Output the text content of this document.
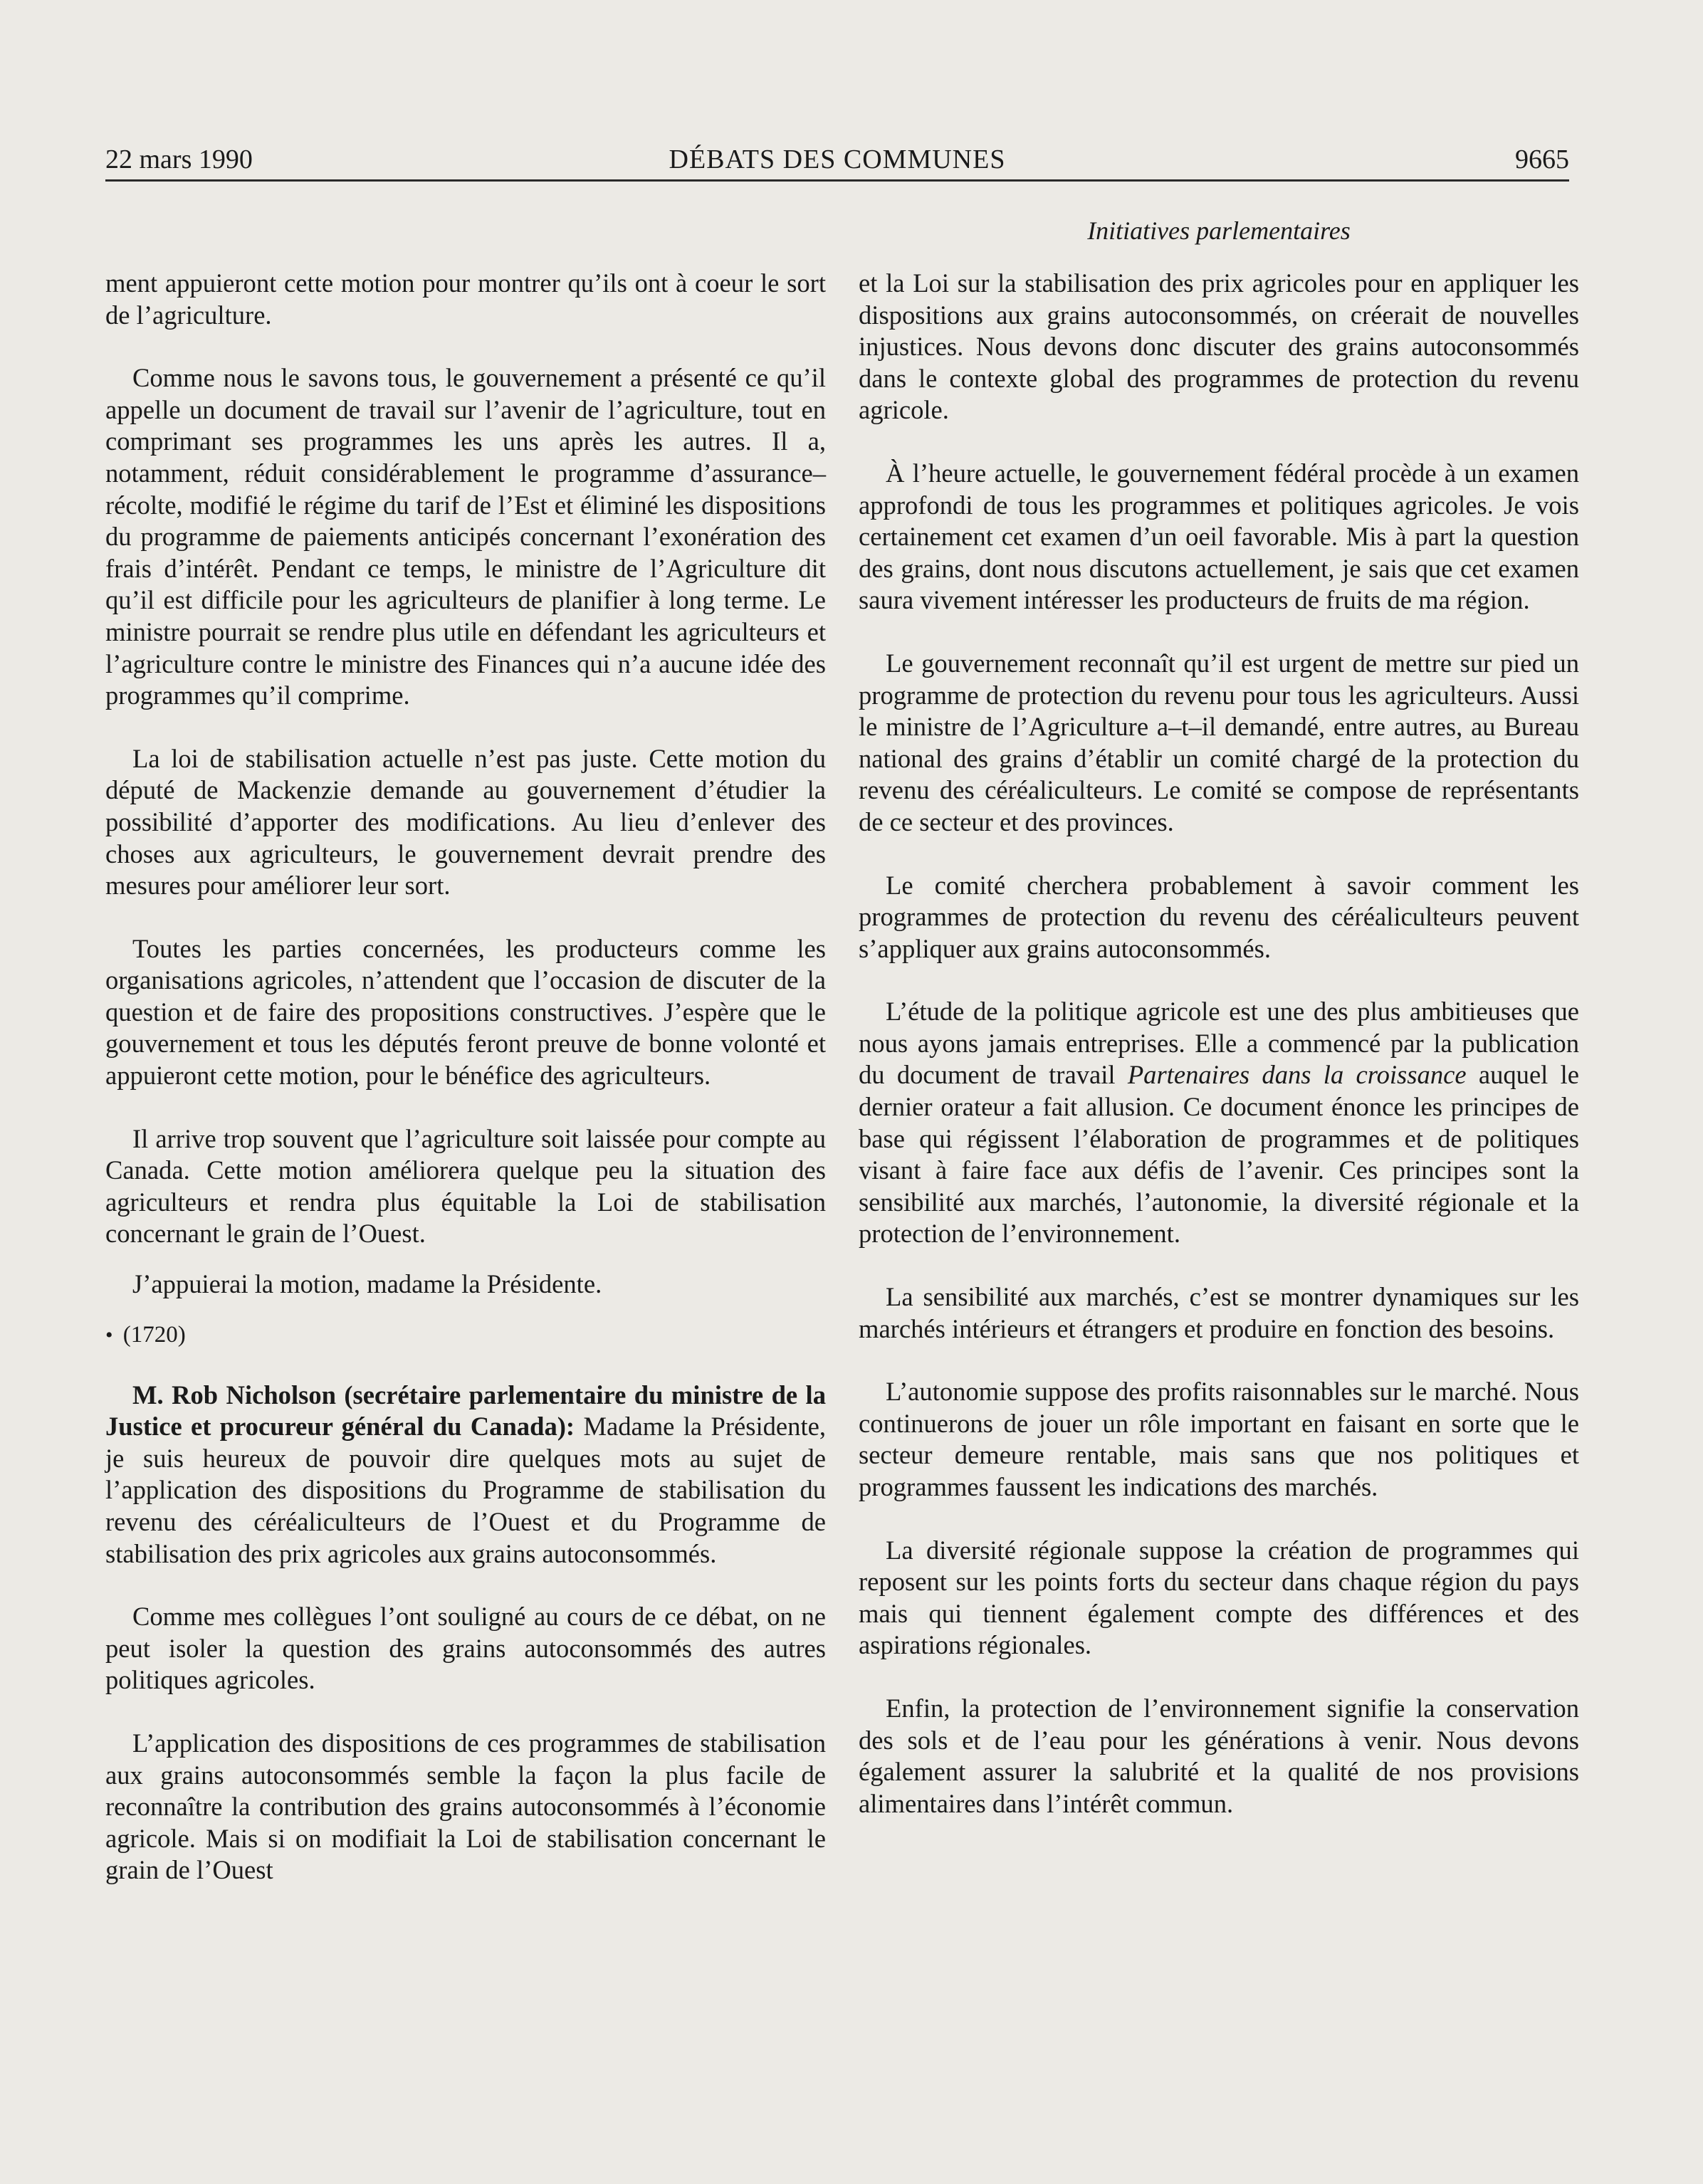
22 mars 1990	DÉBATS DES COMMUNES	9665
Initiatives parlementaires

ment appuieront cette motion pour montrer qu’ils ont à coeur le sort de l’agriculture.

Comme nous le savons tous, le gouvernement a présenté ce qu’il appelle un document de travail sur l’avenir de l’agriculture, tout en comprimant ses programmes les uns après les autres. Il a, notamment, réduit considérablement le programme d’assurance–récolte, modifié le régime du tarif de l’Est et éliminé les dispositions du programme de paiements anticipés concernant l’exonération des frais d’intérêt. Pendant ce temps, le ministre de l’Agriculture dit qu’il est difficile pour les agriculteurs de planifier à long terme. Le ministre pourrait se rendre plus utile en défendant les agriculteurs et l’agriculture contre le ministre des Finances qui n’a aucune idée des programmes qu’il comprime.

La loi de stabilisation actuelle n’est pas juste. Cette motion du député de Mackenzie demande au gouvernement d’étudier la possibilité d’apporter des modifications. Au lieu d’enlever des choses aux agriculteurs, le gouvernement devrait prendre des mesures pour améliorer leur sort.

Toutes les parties concernées, les producteurs comme les organisations agricoles, n’attendent que l’occasion de discuter de la question et de faire des propositions constructives. J’espère que le gouvernement et tous les députés feront preuve de bonne volonté et appuieront cette motion, pour le bénéfice des agriculteurs.

Il arrive trop souvent que l’agriculture soit laissée pour compte au Canada. Cette motion améliorera quelque peu la situation des agriculteurs et rendra plus équitable la Loi de stabilisation concernant le grain de l’Ouest.

J’appuierai la motion, madame la Présidente.

• (1720)

M. Rob Nicholson (secrétaire parlementaire du ministre de la Justice et procureur général du Canada): Madame la Présidente, je suis heureux de pouvoir dire quelques mots au sujet de l’application des dispositions du Programme de stabilisation du revenu des céréaliculteurs de l’Ouest et du Programme de stabilisation des prix agricoles aux grains autoconsommés.

Comme mes collègues l’ont souligné au cours de ce débat, on ne peut isoler la question des grains autoconsommés des autres politiques agricoles.

L’application des dispositions de ces programmes de stabilisation aux grains autoconsommés semble la façon la plus facile de reconnaître la contribution des grains autoconsommés à l’économie agricole. Mais si on modifiait la Loi de stabilisation concernant le grain de l’Ouest

et la Loi sur la stabilisation des prix agricoles pour en appliquer les dispositions aux grains autoconsommés, on créerait de nouvelles injustices. Nous devons donc discuter des grains autoconsommés dans le contexte global des programmes de protection du revenu agricole.

À l’heure actuelle, le gouvernement fédéral procède à un examen approfondi de tous les programmes et politiques agricoles. Je vois certainement cet examen d’un oeil favorable. Mis à part la question des grains, dont nous discutons actuellement, je sais que cet examen saura vivement intéresser les producteurs de fruits de ma région.

Le gouvernement reconnaît qu’il est urgent de mettre sur pied un programme de protection du revenu pour tous les agriculteurs. Aussi le ministre de l’Agriculture a–t–il demandé, entre autres, au Bureau national des grains d’établir un comité chargé de la protection du revenu des céréaliculteurs. Le comité se compose de représentants de ce secteur et des provinces.

Le comité cherchera probablement à savoir comment les programmes de protection du revenu des céréaliculteurs peuvent s’appliquer aux grains autoconsommés.

L’étude de la politique agricole est une des plus ambitieuses que nous ayons jamais entreprises. Elle a commencé par la publication du document de travail Partenaires dans la croissance auquel le dernier orateur a fait allusion. Ce document énonce les principes de base qui régissent l’élaboration de programmes et de politiques visant à faire face aux défis de l’avenir. Ces principes sont la sensibilité aux marchés, l’autonomie, la diversité régionale et la protection de l’environnement.

La sensibilité aux marchés, c’est se montrer dynamiques sur les marchés intérieurs et étrangers et produire en fonction des besoins.

L’autonomie suppose des profits raisonnables sur le marché. Nous continuerons de jouer un rôle important en faisant en sorte que le secteur demeure rentable, mais sans que nos politiques et programmes faussent les indications des marchés.

La diversité régionale suppose la création de programmes qui reposent sur les points forts du secteur dans chaque région du pays mais qui tiennent également compte des différences et des aspirations régionales.

Enfin, la protection de l’environnement signifie la conservation des sols et de l’eau pour les générations à venir. Nous devons également assurer la salubrité et la qualité de nos provisions alimentaires dans l’intérêt commun.
